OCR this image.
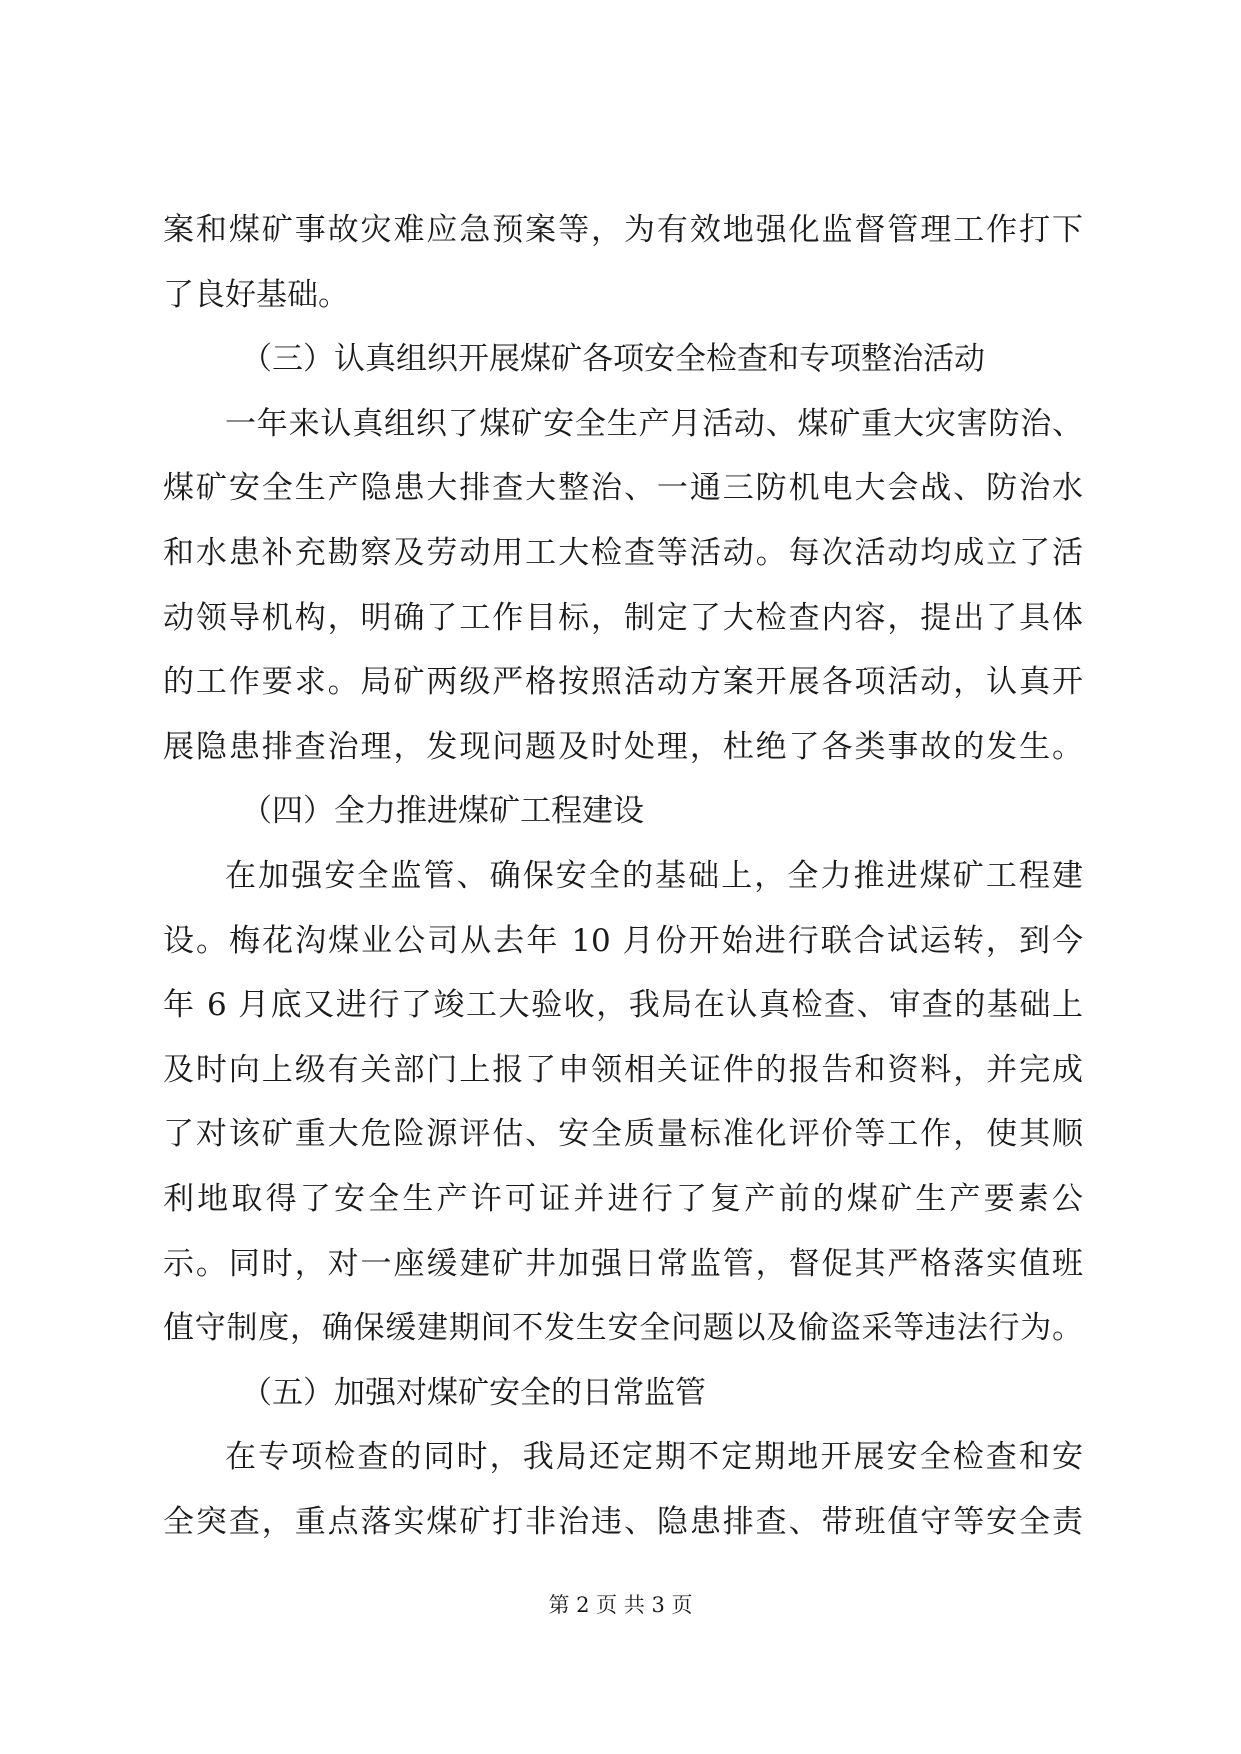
案和煤矿事故灾难应急预案等，为有效地强化监督管理工作打下
了良好基础。
（三）认真组织开展煤矿各项安全检查和专项整治活动
一年来认真组织了煤矿安全生产月活动、煤矿重大灾害防治、
煤矿安全生产隐患大排查大整治、一通三防机电大会战、防治水
和水患补充勘察及劳动用工大检查等活动。每次活动均成立了活
动领导机构，明确了工作目标，制定了大检查内容，提出了具体
的工作要求。局矿两级严格按照活动方案开展各项活动，认真开
展隐患排查治理，发现问题及时处理，杜绝了各类事故的发生。
（四）全力推进煤矿工程建设
在加强安全监管、确保安全的基础上，全力推进煤矿工程建
设。梅花沟煤业公司从去年 10 月份开始进行联合试运转，到今
年 6 月底又进行了竣工大验收，我局在认真检查、审查的基础上
及时向上级有关部门上报了申领相关证件的报告和资料，并完成
了对该矿重大危险源评估、安全质量标准化评价等工作，使其顺
利地取得了安全生产许可证并进行了复产前的煤矿生产要素公
示。同时，对一座缓建矿井加强日常监管，督促其严格落实值班
值守制度，确保缓建期间不发生安全问题以及偷盗采等违法行为。
（五）加强对煤矿安全的日常监管
在专项检查的同时，我局还定期不定期地开展安全检查和安
全突查，重点落实煤矿打非治违、隐患排查、带班值守等安全责
第 2 页 共 3 页
